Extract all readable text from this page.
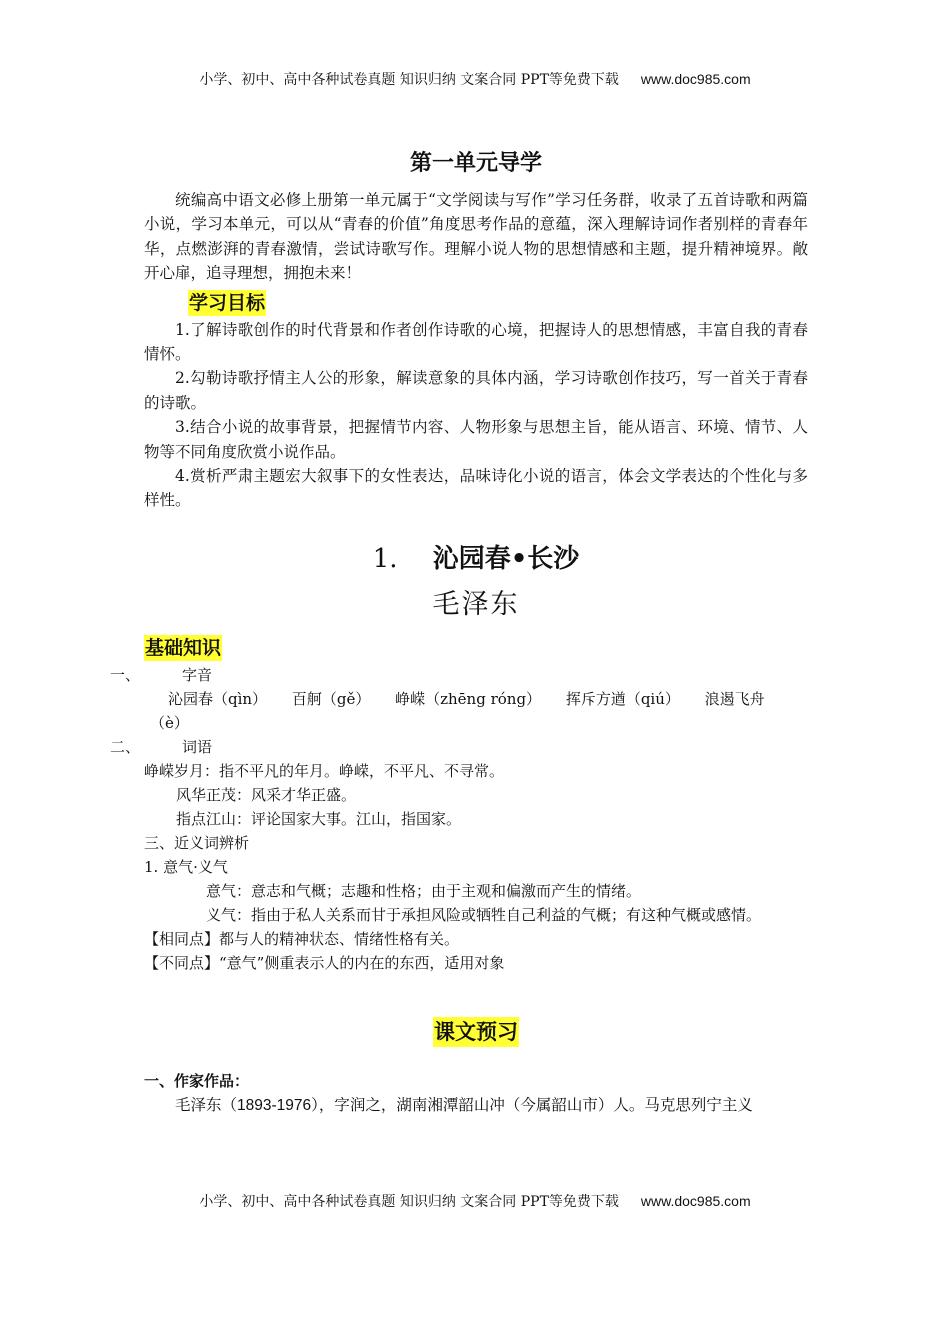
小学、初中、高中各种试卷真题 知识归纳 文案合同 PPT等免费下载 www.doc985.com
第一单元导学

统编高中语文必修上册第一单元属于“文学阅读与写作”学习任务群，收录了五首诗歌和两篇小说，学习本单元，可以从“青春的价值”角度思考作品的意蕴，深入理解诗词作者别样的青春年华，点燃澎湃的青春激情，尝试诗歌写作。理解小说人物的思想情感和主题，提升精神境界。敞开心扉，追寻理想，拥抱未来！

学习目标

1.了解诗歌创作的时代背景和作者创作诗歌的心境，把握诗人的思想情感，丰富自我的青春情怀。

2.勾勒诗歌抒情主人公的形象，解读意象的具体内涵，学习诗歌创作技巧，写一首关于青春的诗歌。

3.结合小说的故事背景，把握情节内容、人物形象与思想主旨，能从语言、环境、情节、人物等不同角度欣赏小说作品。

4.赏析严肃主题宏大叙事下的女性表达，品味诗化小说的语言，体会文学表达的个性化与多样性。

1. 沁园春•长沙
毛泽东
基础知识

一、	字音

沁园春（qìn） 百舸（gě） 峥嵘（zhēng róng） 挥斥方遒（qiú） 浪遏飞舟

（è）

二、	词语

峥嵘岁月：指不平凡的年月。峥嵘，不平凡、不寻常。

风华正茂：风采才华正盛。

指点江山：评论国家大事。江山，指国家。

三、近义词辨析

1. 意气·义气

意气：意志和气概；志趣和性格；由于主观和偏激而产生的情绪。

义气：指由于私人关系而甘于承担风险或牺牲自己利益的气概；有这种气概或感情。

【相同点】都与人的精神状态、情绪性格有关。

【不同点】“意气”侧重表示人的内在的东西，适用对象

课文预习

一、作家作品：

毛泽东（1893-1976），字润之，湖南湘潭韶山冲（今属韶山市）人。马克思列宁主义

小学、初中、高中各种试卷真题 知识归纳 文案合同 PPT等免费下载 www.doc985.com
